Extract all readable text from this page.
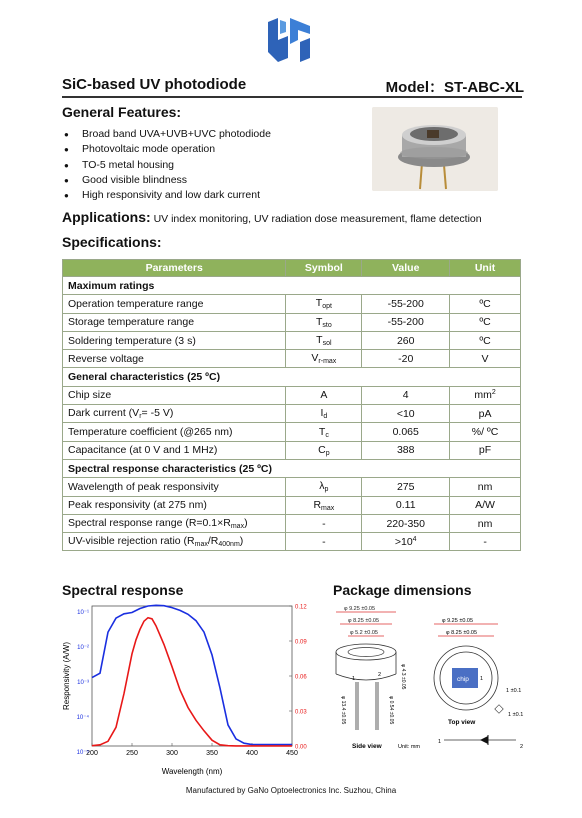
SiC-based UV photodiode	Model：ST-ABC-XL
General Features:
● Broad band UVA+UVB+UVC photodiode
● Photovoltaic mode operation
● TO-5 metal housing
● Good visible blindness
● High responsivity and low dark current
Applications: UV index monitoring, UV radiation dose measurement, flame detection
Specifications:
Parameters	Symbol	Value	Unit
Maximum ratings			
Operation temperature range	$T_{opt}$	-55-200	ºC
Storage temperature range	$T_{sto}$	-55-200	ºC
Soldering temperature (3 s)	$T_{sol}$	260	ºC
Reverse voltage	$V_{r-max}$	-20	V
General characteristics (25 ºC)			
Chip size	A	4	$mm^2$
Dark current ($V_r= -5$ V)	$I_d$	<10	pA
Temperature coefficient (@265 nm)	$T_c$	0.065	%/ ºC
Capacitance (at 0 V and 1 MHz)	$C_p$	388	pF
Spectral response characteristics (25 ºC)			
Wavelength of peak responsivity	$\lambda_p$	275	nm
Peak responsivity (at 275 nm)	$R_{max}$	0.11	A/W
Spectral response range $(R=0.1\times R_{max})$	-	220-350	nm
UV-visible rejection ratio $(R_{max}/R_{400nm})$	-	$>10^4$	-
Spectral response
200	250	300	350	400	450
10⁻¹
10⁻²
10⁻³
10⁻⁴
10⁻⁵
0.12
0.09
0.06
0.03
0.00
Wavelength (nm)
Responsivity (A/W)
Package dimensions
φ 9.25 ±0.05
φ 8.25 ±0.05
φ 5.2 ±0.05
1
2	φ 4.3 ±0.05
φ 13.4 ±0.05	φ 0.54 ±0.05
Side view	Unit: mm
φ 9.25 ±0.05
φ 8.25 ±0.05
chip 1
1 ±0.1
1 ±0.1
Top view
1
2
Manufactured by GaNo Optoelectronics Inc. Suzhou, China
